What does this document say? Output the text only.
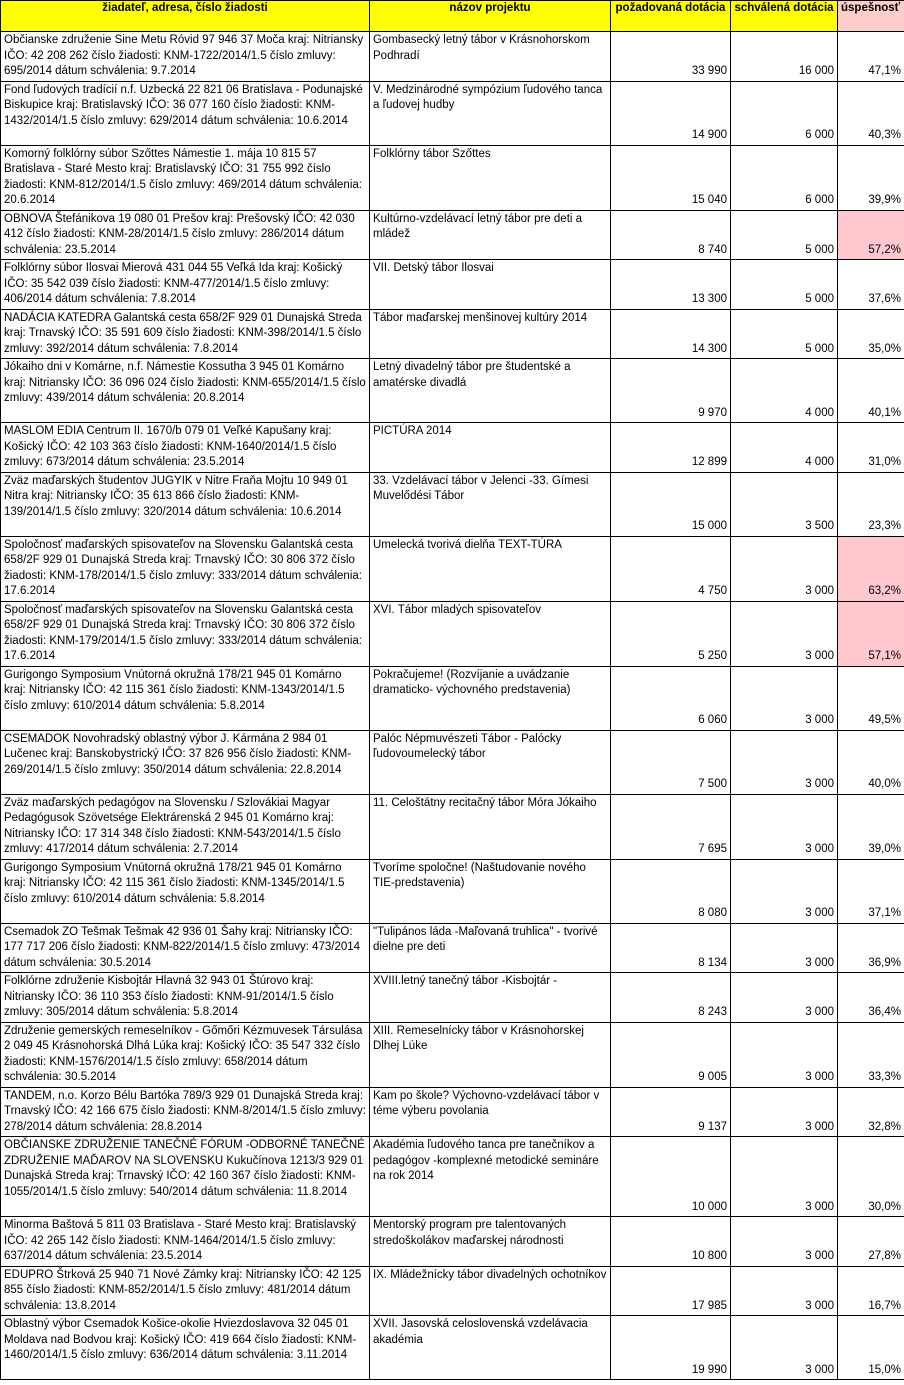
žiadateľ, adresa, číslo žiadosti	názov projektu	požadovaná dotácia	schválená dotácia	úspešnosť
Občianske združenie Sine Metu Róvid 97 946 37 Moča kraj: Nitriansky IČO: 42 208 262 číslo žiadosti: KNM-1722/2014/1.5 číslo zmluvy: 695/2014 dátum schválenia: 9.7.2014	Gombasecký letný tábor v Krásnohorskom Podhradí	33 990	16 000	47,1%
Fond ľudových tradícií n.f. Uzbecká 22 821 06 Bratislava - Podunajské Biskupice kraj: Bratislavský IČO: 36 077 160 číslo žiadosti: KNM-1432/2014/1.5 číslo zmluvy: 629/2014 dátum schválenia: 10.6.2014	V. Medzinárodné sympózium ľudového tanca a ľudovej hudby	14 900	6 000	40,3%
Komorný folklórny súbor Szőttes Námestie 1. mája 10 815 57 Bratislava - Staré Mesto kraj: Bratislavský IČO: 31 755 992 číslo žiadosti: KNM-812/2014/1.5 číslo zmluvy: 469/2014 dátum schválenia: 20.6.2014	Folklórny tábor Szőttes	15 040	6 000	39,9%
OBNOVA Štefánikova 19 080 01 Prešov kraj: Prešovský IČO: 42 030 412 číslo žiadosti: KNM-28/2014/1.5 číslo zmluvy: 286/2014 dátum schválenia: 23.5.2014	Kultúrno-vzdelávací letný tábor pre deti a mládež	8 740	5 000	57,2%
Folklórny súbor Ilosvai Mierová 431 044 55 Veľká Ida kraj: Košický IČO: 35 542 039 číslo žiadosti: KNM-477/2014/1.5 číslo zmluvy: 406/2014 dátum schválenia: 7.8.2014	VII. Detský tábor Ilosvai	13 300	5 000	37,6%
NADÁCIA KATEDRA Galantská cesta 658/2F 929 01 Dunajská Streda kraj: Trnavský IČO: 35 591 609 číslo žiadosti: KNM-398/2014/1.5 číslo zmluvy: 392/2014 dátum schválenia: 7.8.2014	Tábor maďarskej menšinovej kultúry 2014	14 300	5 000	35,0%
Jókaiho dni v Komárne, n.f. Námestie Kossutha 3 945 01 Komárno kraj: Nitriansky IČO: 36 096 024 číslo žiadosti: KNM-655/2014/1.5 číslo zmluvy: 439/2014 dátum schválenia: 20.8.2014	Letný divadelný tábor pre študentské a amatérske divadlá	9 970	4 000	40,1%
MASLOM EDIA Centrum II. 1670/b 079 01 Veľké Kapušany kraj: Košický IČO: 42 103 363 číslo žiadosti: KNM-1640/2014/1.5 číslo zmluvy: 673/2014 dátum schválenia: 23.5.2014	PICTÚRA 2014	12 899	4 000	31,0%
Zväz maďarských študentov JUGYIK v Nitre Fraňa Mojtu 10 949 01 Nitra kraj: Nitriansky IČO: 35 613 866 číslo žiadosti: KNM-139/2014/1.5 číslo zmluvy: 320/2014 dátum schválenia: 10.6.2014	33. Vzdelávací tábor v Jelenci -33. Gímesi Muvelődési Tábor	15 000	3 500	23,3%
Spoločnosť maďarských spisovateľov na Slovensku Galantská cesta 658/2F 929 01 Dunajská Streda kraj: Trnavský IČO: 30 806 372 číslo žiadosti: KNM-178/2014/1.5 číslo zmluvy: 333/2014 dátum schválenia: 17.6.2014	Umelecká tvorivá dielňa TEXT-TÚRA	4 750	3 000	63,2%
Spoločnosť maďarských spisovateľov na Slovensku Galantská cesta 658/2F 929 01 Dunajská Streda kraj: Trnavský IČO: 30 806 372 číslo žiadosti: KNM-179/2014/1.5 číslo zmluvy: 333/2014 dátum schválenia: 17.6.2014	XVI. Tábor mladých spisovateľov	5 250	3 000	57,1%
Gurigongo Symposium Vnútorná okružná 178/21 945 01 Komárno kraj: Nitriansky IČO: 42 115 361 číslo žiadosti: KNM-1343/2014/1.5 číslo zmluvy: 610/2014 dátum schválenia: 5.8.2014	Pokračujeme! (Rozvíjanie a uvádzanie dramaticko- výchovného predstavenia)	6 060	3 000	49,5%
CSEMADOK Novohradský oblastný výbor J. Kármána 2 984 01 Lučenec kraj: Banskobystrický IČO: 37 826 956 číslo žiadosti: KNM-269/2014/1.5 číslo zmluvy: 350/2014 dátum schválenia: 22.8.2014	Palóc Népmuvészeti Tábor - Palócky ľudovoumelecký tábor	7 500	3 000	40,0%
Zväz maďarských pedagógov na Slovensku / Szlovákiai Magyar Pedagógusok Szövetsége Elektrárenská 2 945 01 Komárno kraj: Nitriansky IČO: 17 314 348 číslo žiadosti: KNM-543/2014/1.5 číslo zmluvy: 417/2014 dátum schválenia: 2.7.2014	11. Celoštátny recitačný tábor Móra Jókaiho	7 695	3 000	39,0%
Gurigongo Symposium Vnútorná okružná 178/21 945 01 Komárno kraj: Nitriansky IČO: 42 115 361 číslo žiadosti: KNM-1345/2014/1.5 číslo zmluvy: 610/2014 dátum schválenia: 5.8.2014	Tvoríme spoločne! (Naštudovanie nového TIE-predstavenia)	8 080	3 000	37,1%
Csemadok ZO Tešmak Tešmak 42 936 01 Šahy kraj: Nitriansky IČO: 177 717 206 číslo žiadosti: KNM-822/2014/1.5 číslo zmluvy: 473/2014 dátum schválenia: 30.5.2014	"Tulipános láda -Maľovaná truhlica" - tvorivé dielne pre deti	8 134	3 000	36,9%
Folklórne združenie Kisbojtár Hlavná 32 943 01 Štúrovo kraj: Nitriansky IČO: 36 110 353 číslo žiadosti: KNM-91/2014/1.5 číslo zmluvy: 305/2014 dátum schválenia: 5.8.2014	XVIII.letný tanečný tábor -Kisbojtár -	8 243	3 000	36,4%
Združenie gemerských remeselníkov - Gőmőri Kézmuvesek Társulása 2 049 45 Krásnohorská Dlhá Lúka kraj: Košický IČO: 35 547 332 číslo žiadosti: KNM-1576/2014/1.5 číslo zmluvy: 658/2014 dátum schválenia: 30.5.2014	XIII. Remeselnícky tábor v Krásnohorskej Dlhej Lúke	9 005	3 000	33,3%
TANDEM, n.o. Korzo Bélu Bartóka 789/3 929 01 Dunajská Streda kraj: Trnavský IČO: 42 166 675 číslo žiadosti: KNM-8/2014/1.5 číslo zmluvy: 278/2014 dátum schválenia: 28.8.2014	Kam po škole? Výchovno-vzdelávací tábor v téme výberu povolania	9 137	3 000	32,8%
OBČIANSKE ZDRUŽENIE TANEČNÉ FÓRUM -ODBORNÉ TANEČNÉ ZDRUŽENIE MAĎAROV NA SLOVENSKU Kukučínova 1213/3 929 01 Dunajská Streda kraj: Trnavský IČO: 42 160 367 číslo žiadosti: KNM-1055/2014/1.5 číslo zmluvy: 540/2014 dátum schválenia: 11.8.2014	Akadémia ľudového tanca pre tanečníkov a pedagógov -komplexné metodické semináre na rok 2014	10 000	3 000	30,0%
Minorma Baštová 5 811 03 Bratislava - Staré Mesto kraj: Bratislavský IČO: 42 265 142 číslo žiadosti: KNM-1464/2014/1.5 číslo zmluvy: 637/2014 dátum schválenia: 23.5.2014	Mentorský program pre talentovaných stredoškolákov maďarskej národnosti	10 800	3 000	27,8%
EDUPRO Štrková 25 940 71 Nové Zámky kraj: Nitriansky IČO: 42 125 855 číslo žiadosti: KNM-852/2014/1.5 číslo zmluvy: 481/2014 dátum schválenia: 13.8.2014	IX. Mládežnícky tábor divadelných ochotníkov	17 985	3 000	16,7%
Oblastný výbor Csemadok Košice-okolie Hviezdoslavova 32 045 01 Moldava nad Bodvou kraj: Košický IČO: 419 664 číslo žiadosti: KNM-1460/2014/1.5 číslo zmluvy: 636/2014 dátum schválenia: 3.11.2014	XVII. Jasovská celoslovenská vzdelávacia akadémia	19 990	3 000	15,0%
